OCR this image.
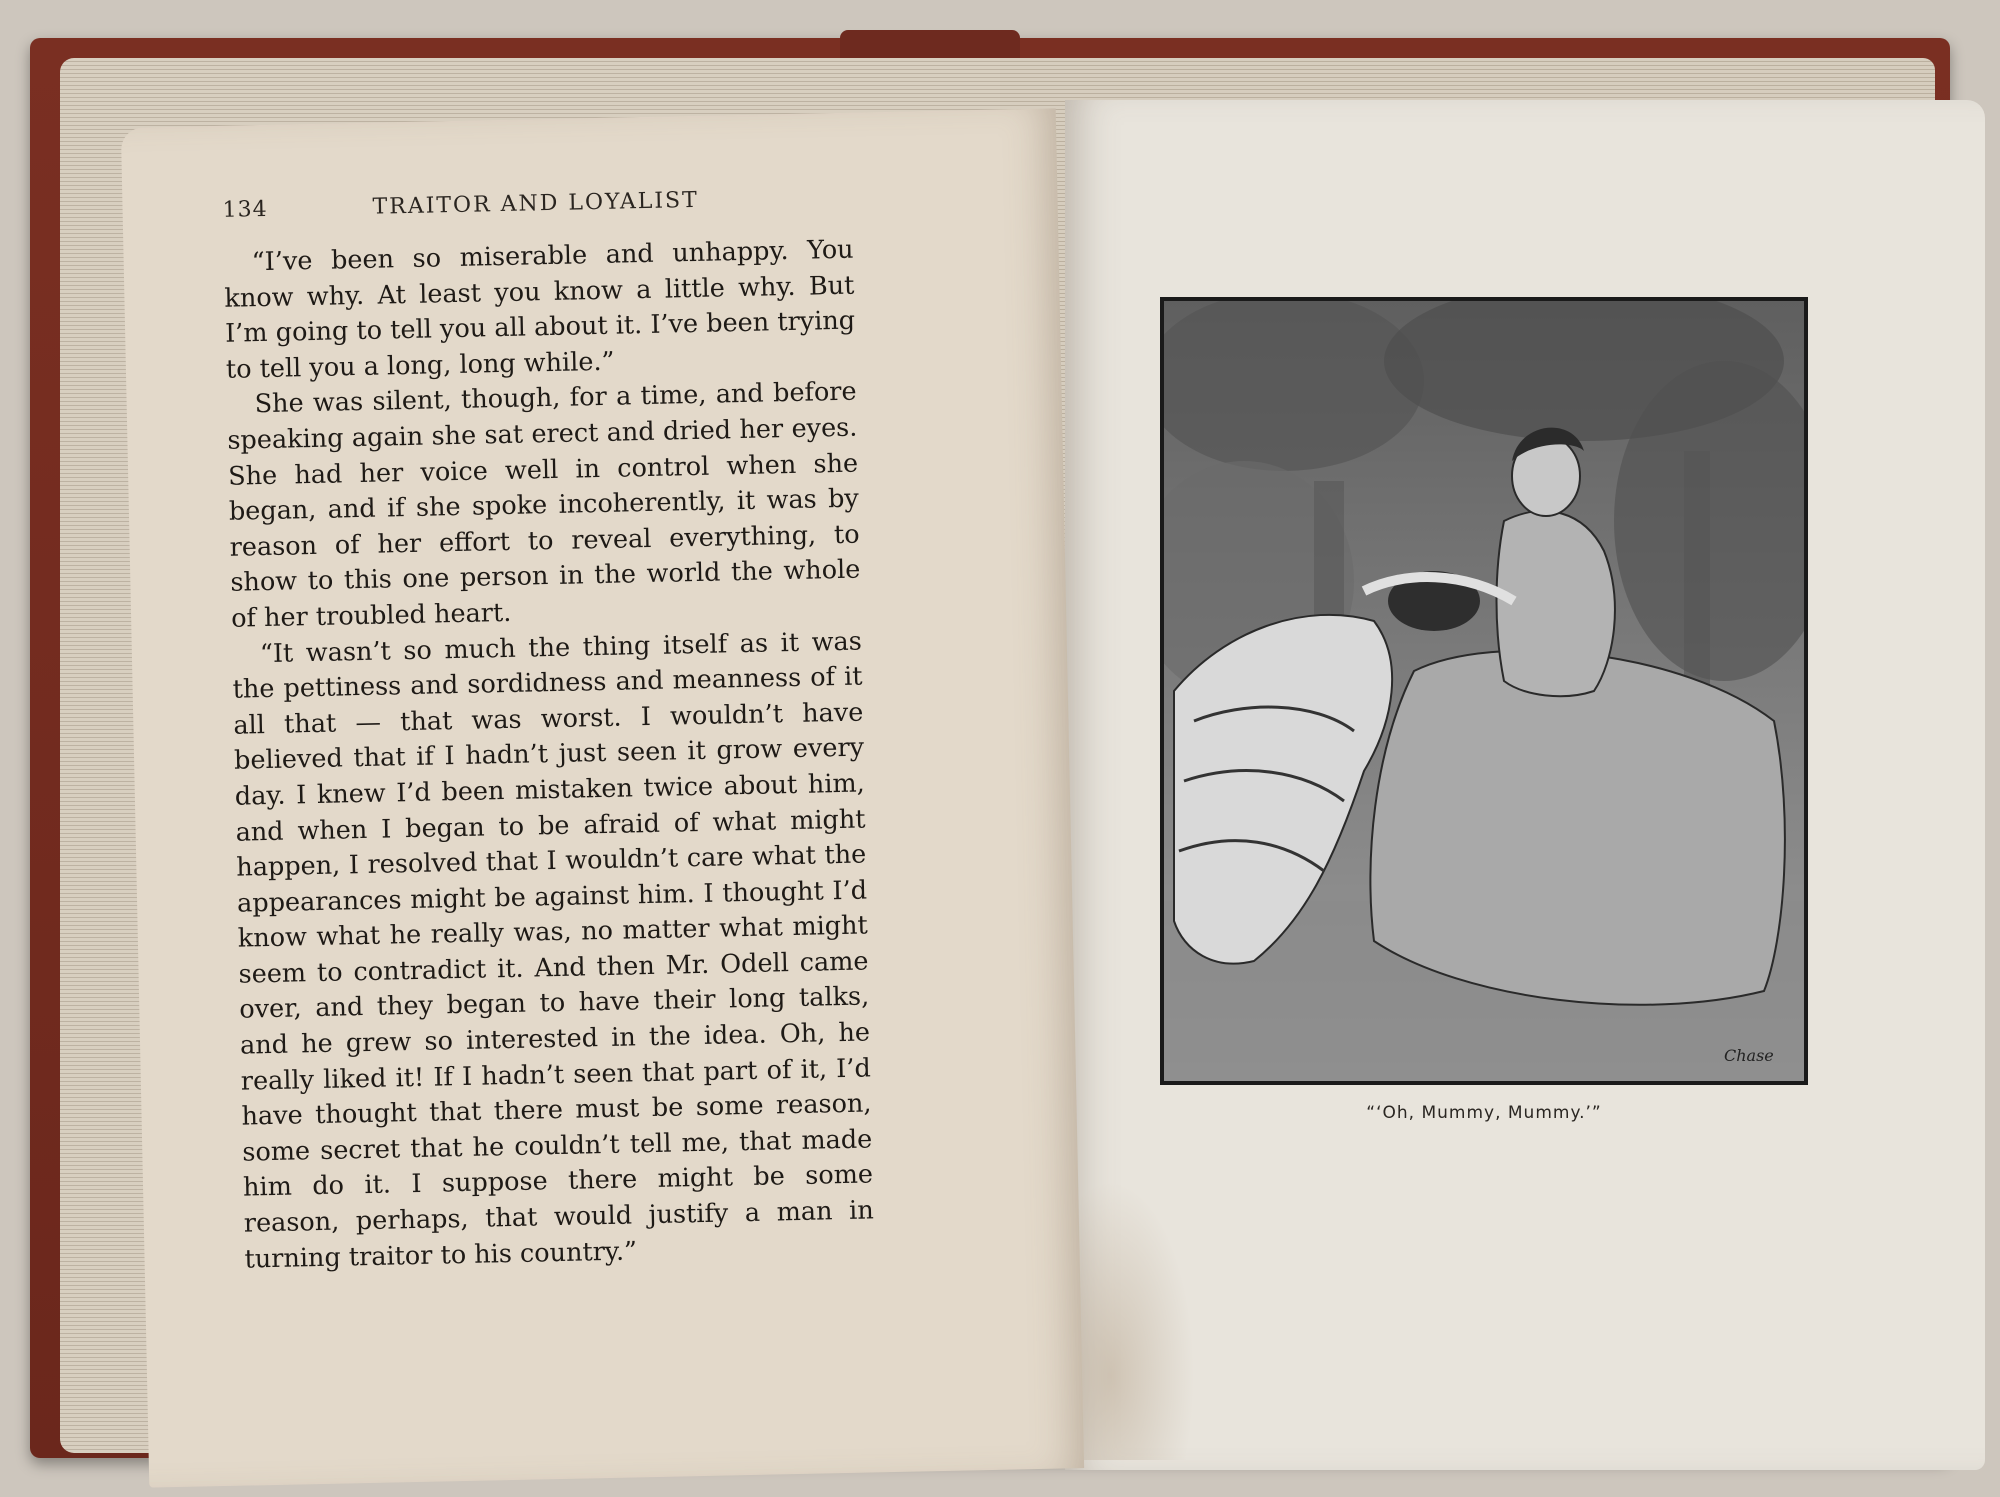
Chase
“‘Oh, Mummy, Mummy.’”
134	TRAITOR AND LOYALIST

“I’ve been so miserable and unhappy. You know why. At least you know a little why. But I’m going to tell you all about it. I’ve been trying to tell you a long, long while.”

She was silent, though, for a time, and before speaking again she sat erect and dried her eyes. She had her voice well in control when she began, and if she spoke incoherently, it was by reason of her effort to reveal everything, to show to this one person in the world the whole of her troubled heart.

“It wasn’t so much the thing itself as it was the pettiness and sordidness and meanness of it all that — that was worst. I wouldn’t have believed that if I hadn’t just seen it grow every day. I knew I’d been mistaken twice about him, and when I began to be afraid of what might happen, I resolved that I wouldn’t care what the appearances might be against him. I thought I’d know what he really was, no matter what might seem to contradict it. And then Mr. Odell came over, and they began to have their long talks, and he grew so interested in the idea. Oh, he really liked it! If I hadn’t seen that part of it, I’d have thought that there must be some reason, some secret that he couldn’t tell me, that made him do it. I suppose there might be some reason, perhaps, that would justify a man in turning traitor to his country.”
